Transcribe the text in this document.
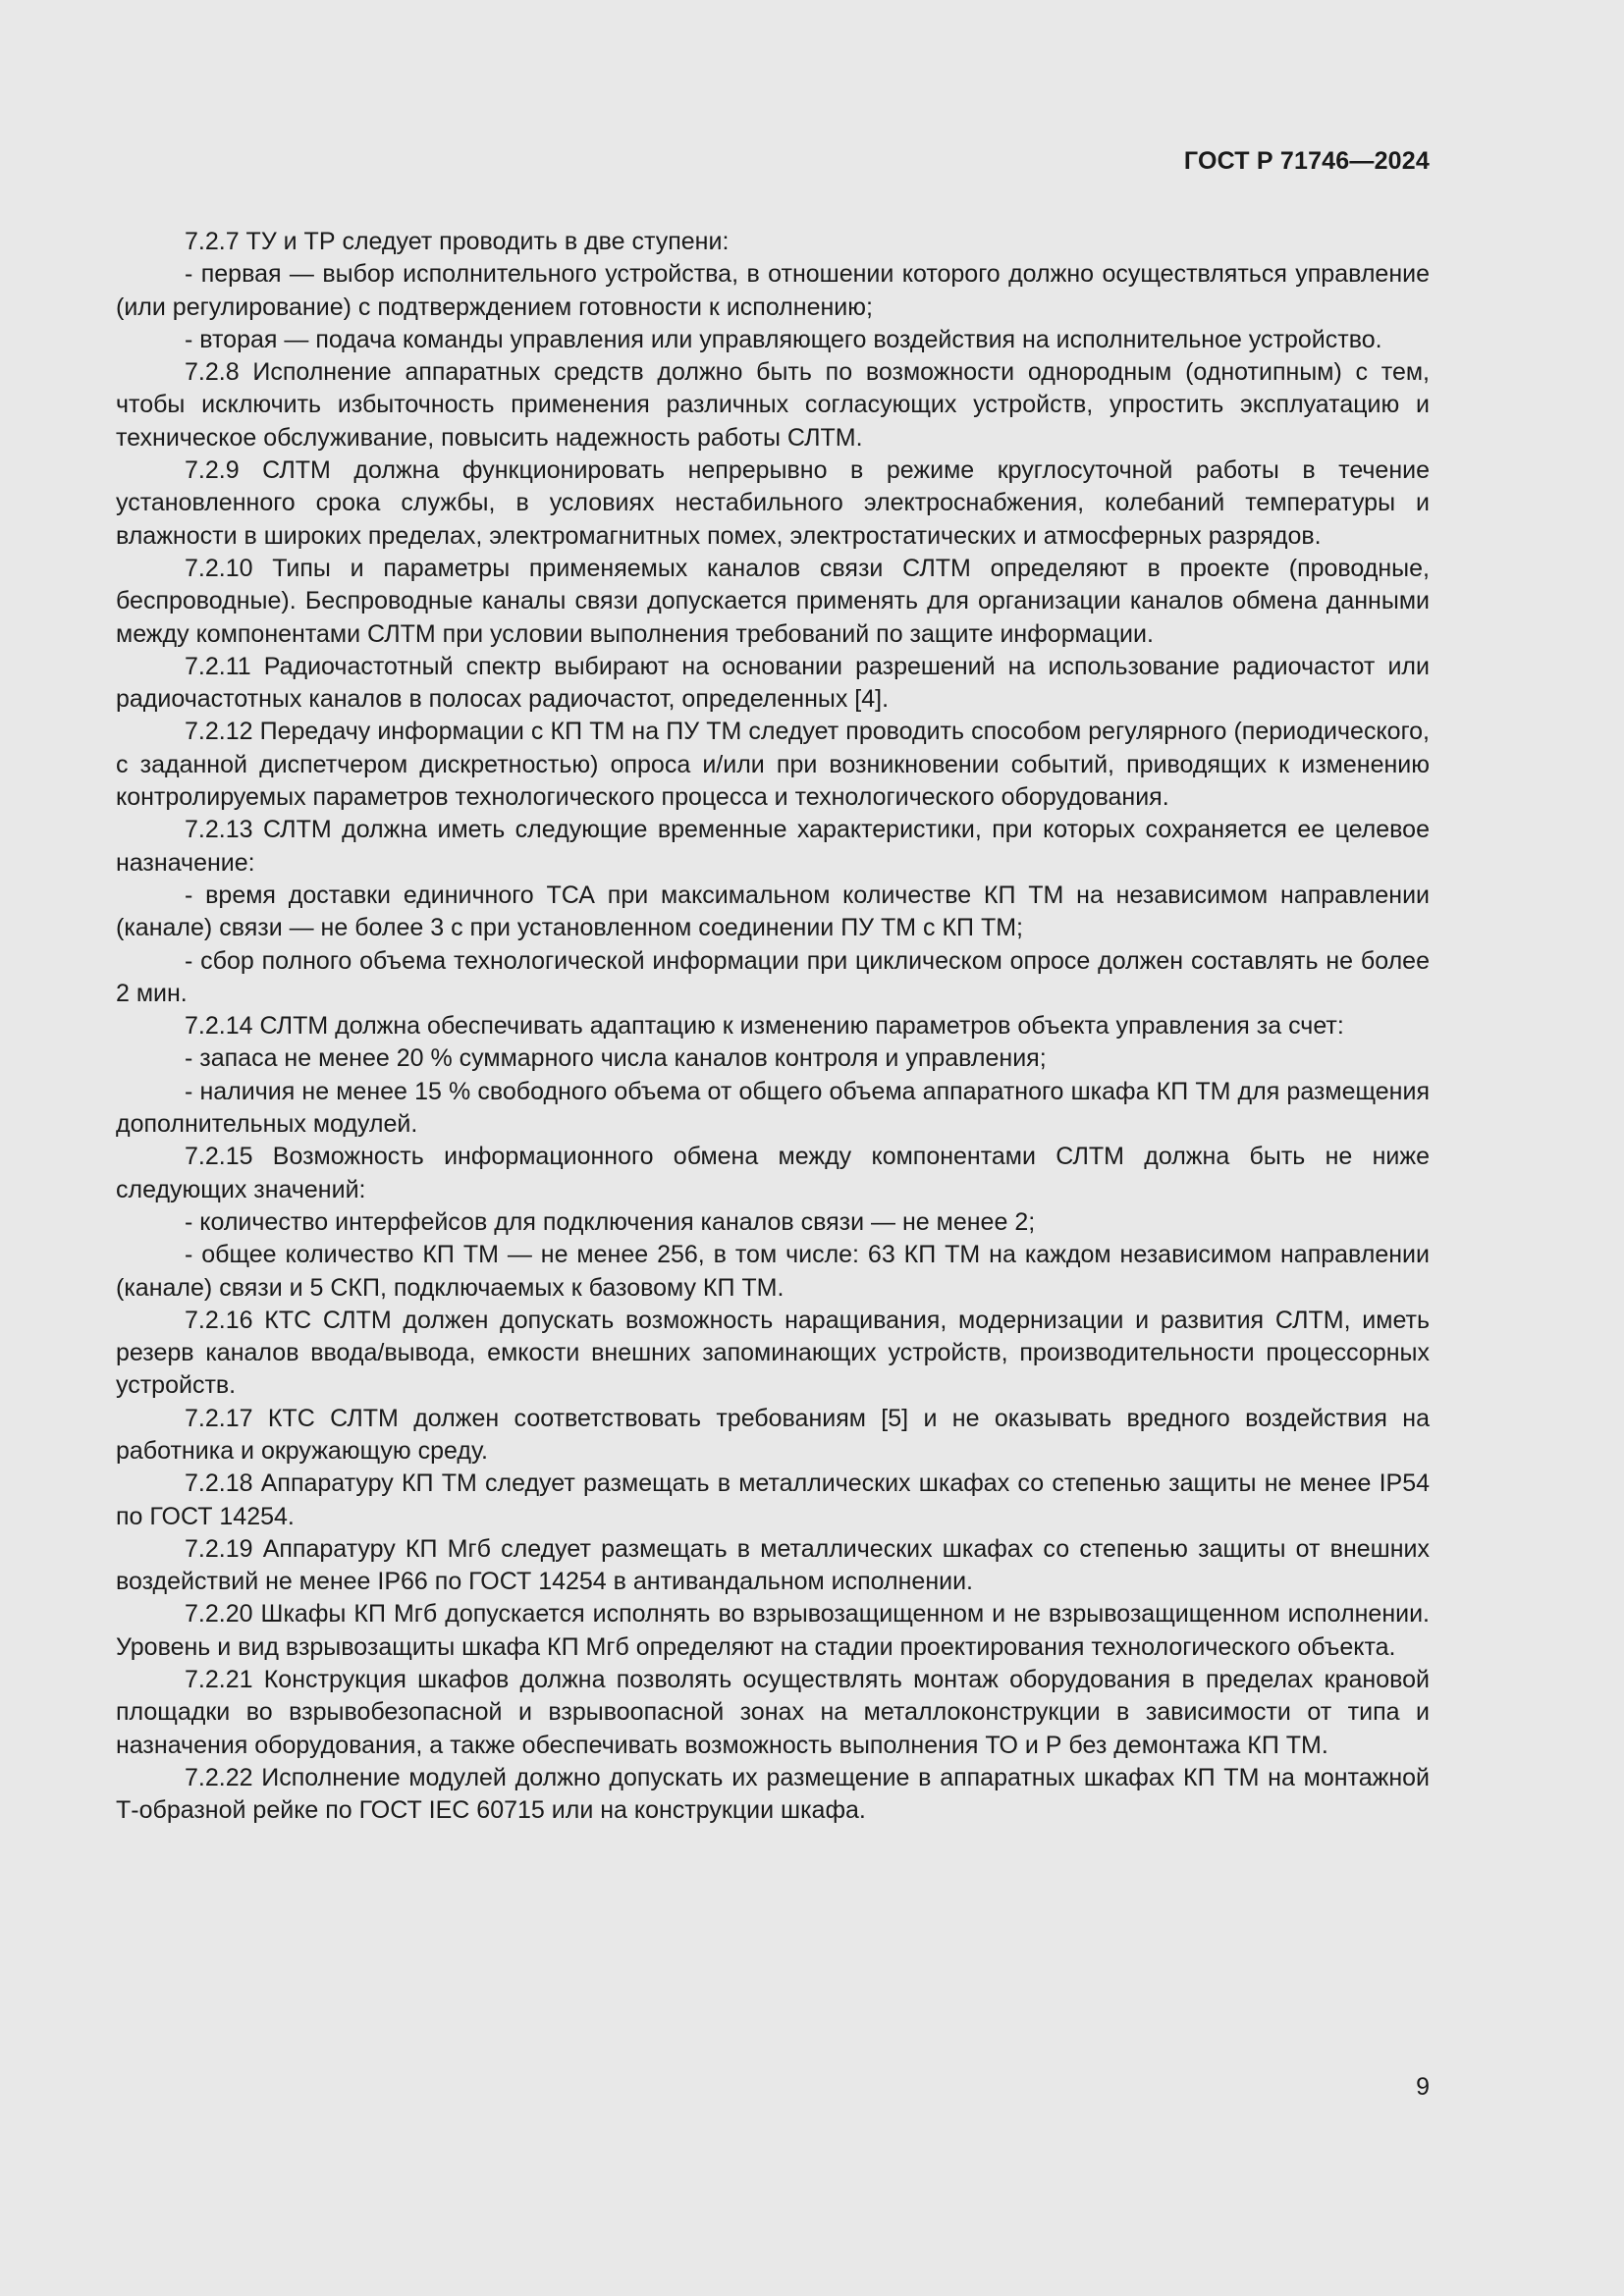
ГОСТ Р 71746—2024

7.2.7 ТУ и ТР следует проводить в две ступени:

- первая — выбор исполнительного устройства, в отношении которого должно осуществляться управление (или регулирование) с подтверждением готовности к исполнению;

- вторая — подача команды управления или управляющего воздействия на исполнительное устройство.

7.2.8 Исполнение аппаратных средств должно быть по возможности однородным (однотипным) с тем, чтобы исключить избыточность применения различных согласующих устройств, упростить эксплуатацию и техническое обслуживание, повысить надежность работы СЛТМ.

7.2.9 СЛТМ должна функционировать непрерывно в режиме круглосуточной работы в течение установленного срока службы, в условиях нестабильного электроснабжения, колебаний температуры и влажности в широких пределах, электромагнитных помех, электростатических и атмосферных разрядов.

7.2.10 Типы и параметры применяемых каналов связи СЛТМ определяют в проекте (проводные, беспроводные). Беспроводные каналы связи допускается применять для организации каналов обмена данными между компонентами СЛТМ при условии выполнения требований по защите информации.

7.2.11 Радиочастотный спектр выбирают на основании разрешений на использование радиочастот или радиочастотных каналов в полосах радиочастот, определенных [4].

7.2.12 Передачу информации с КП ТМ на ПУ ТМ следует проводить способом регулярного (периодического, с заданной диспетчером дискретностью) опроса и/или при возникновении событий, приводящих к изменению контролируемых параметров технологического процесса и технологического оборудования.

7.2.13 СЛТМ должна иметь следующие временные характеристики, при которых сохраняется ее целевое назначение:

- время доставки единичного ТСА при максимальном количестве КП ТМ на независимом направлении (канале) связи — не более 3 с при установленном соединении ПУ ТМ с КП ТМ;

- сбор полного объема технологической информации при циклическом опросе должен составлять не более 2 мин.

7.2.14 СЛТМ должна обеспечивать адаптацию к изменению параметров объекта управления за счет:

- запаса не менее 20 % суммарного числа каналов контроля и управления;

- наличия не менее 15 % свободного объема от общего объема аппаратного шкафа КП ТМ для размещения дополнительных модулей.

7.2.15 Возможность информационного обмена между компонентами СЛТМ должна быть не ниже следующих значений:

- количество интерфейсов для подключения каналов связи — не менее 2;

- общее количество КП ТМ — не менее 256, в том числе: 63 КП ТМ на каждом независимом направлении (канале) связи и 5 СКП, подключаемых к базовому КП ТМ.

7.2.16 КТС СЛТМ должен допускать возможность наращивания, модернизации и развития СЛТМ, иметь резерв каналов ввода/вывода, емкости внешних запоминающих устройств, производительности процессорных устройств.

7.2.17 КТС СЛТМ должен соответствовать требованиям [5] и не оказывать вредного воздействия на работника и окружающую среду.

7.2.18 Аппаратуру КП ТМ следует размещать в металлических шкафах со степенью защиты не менее IP54 по ГОСТ 14254.

7.2.19 Аппаратуру КП Мгб следует размещать в металлических шкафах со степенью защиты от внешних воздействий не менее IP66 по ГОСТ 14254 в антивандальном исполнении.

7.2.20 Шкафы КП Мгб допускается исполнять во взрывозащищенном и не взрывозащищенном исполнении. Уровень и вид взрывозащиты шкафа КП Мгб определяют на стадии проектирования технологического объекта.

7.2.21 Конструкция шкафов должна позволять осуществлять монтаж оборудования в пределах крановой площадки во взрывобезопасной и взрывоопасной зонах на металлоконструкции в зависимости от типа и назначения оборудования, а также обеспечивать возможность выполнения ТО и Р без демонтажа КП ТМ.

7.2.22 Исполнение модулей должно допускать их размещение в аппаратных шкафах КП ТМ на монтажной Т-образной рейке по ГОСТ IEC 60715 или на конструкции шкафа.

9
